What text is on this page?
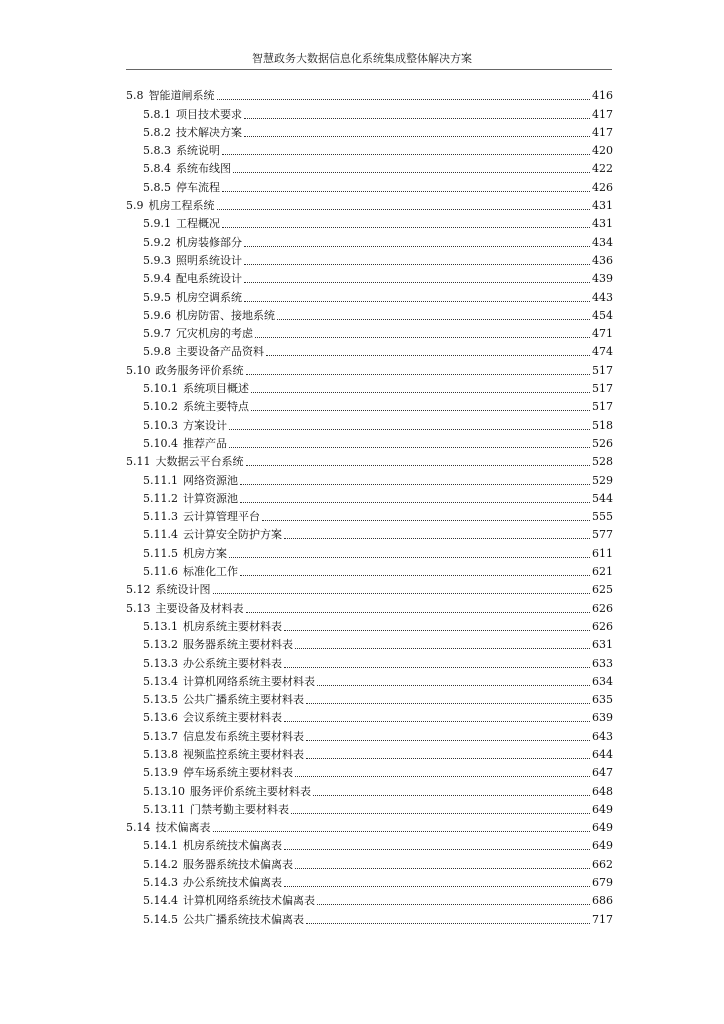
智慧政务大数据信息化系统集成整体解决方案
5.8 智能道闸系统	416
5.8.1 项目技术要求	417
5.8.2 技术解决方案	417
5.8.3 系统说明	420
5.8.4 系统布线图	422
5.8.5 停车流程	426
5.9 机房工程系统	431
5.9.1 工程概况	431
5.9.2 机房装修部分	434
5.9.3 照明系统设计	436
5.9.4 配电系统设计	439
5.9.5 机房空调系统	443
5.9.6 机房防雷、接地系统	454
5.9.7 冗灾机房的考虑	471
5.9.8 主要设备产品资料	474
5.10 政务服务评价系统	517
5.10.1 系统项目概述	517
5.10.2 系统主要特点	517
5.10.3 方案设计	518
5.10.4 推荐产品	526
5.11 大数据云平台系统	528
5.11.1 网络资源池	529
5.11.2 计算资源池	544
5.11.3 云计算管理平台	555
5.11.4 云计算安全防护方案	577
5.11.5 机房方案	611
5.11.6 标准化工作	621
5.12 系统设计图	625
5.13 主要设备及材料表	626
5.13.1 机房系统主要材料表	626
5.13.2 服务器系统主要材料表	631
5.13.3 办公系统主要材料表	633
5.13.4 计算机网络系统主要材料表	634
5.13.5 公共广播系统主要材料表	635
5.13.6 会议系统主要材料表	639
5.13.7 信息发布系统主要材料表	643
5.13.8 视频监控系统主要材料表	644
5.13.9 停车场系统主要材料表	647
5.13.10 服务评价系统主要材料表	648
5.13.11 门禁考勤主要材料表	649
5.14 技术偏离表	649
5.14.1 机房系统技术偏离表	649
5.14.2 服务器系统技术偏离表	662
5.14.3 办公系统技术偏离表	679
5.14.4 计算机网络系统技术偏离表	686
5.14.5 公共广播系统技术偏离表	717
